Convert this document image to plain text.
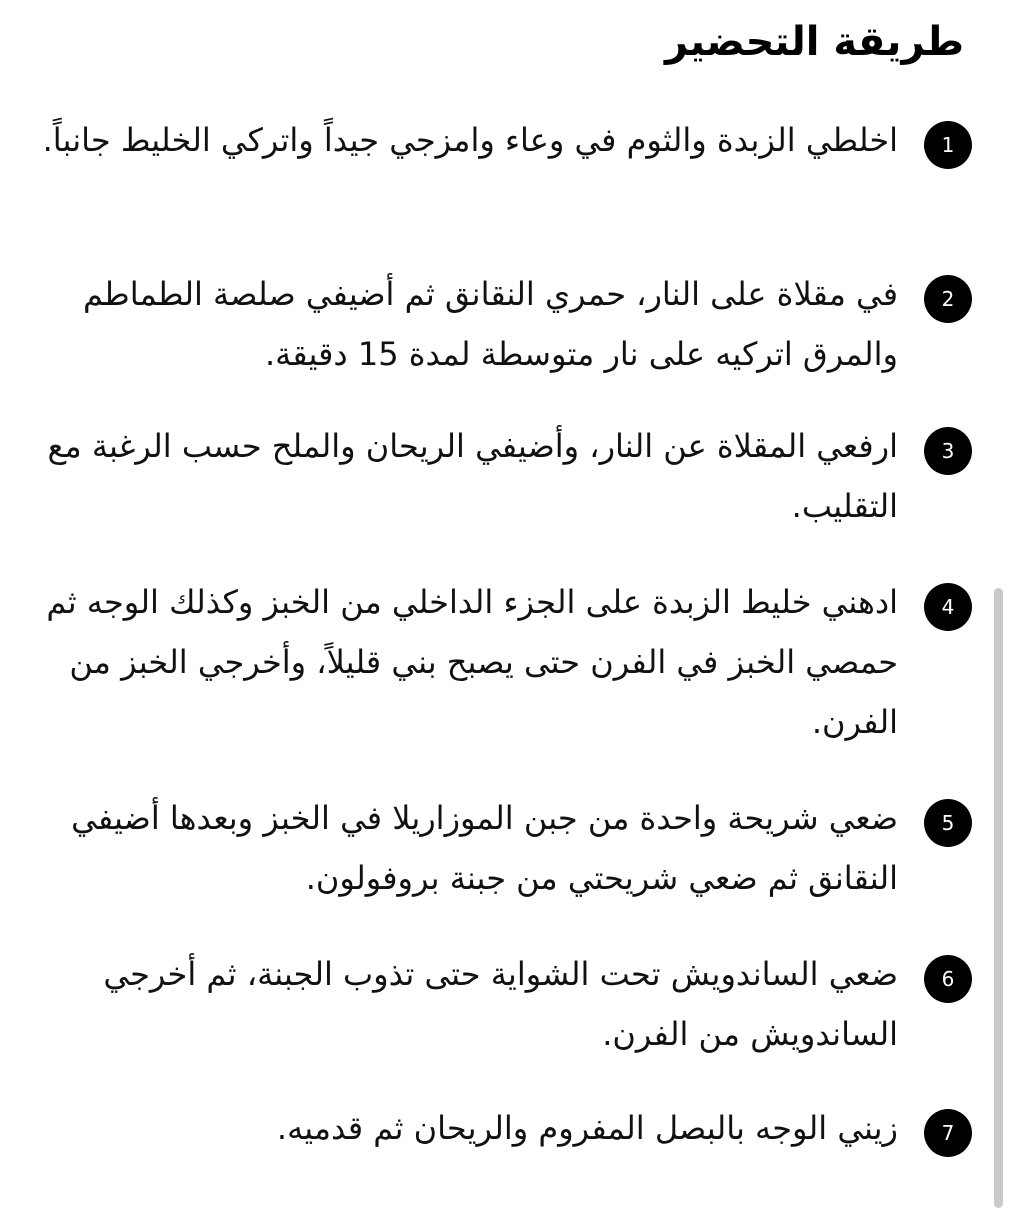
طريقة التحضير
1
اخلطي الزبدة والثوم في وعاء وامزجي جيداً واتركي الخليط جانباً.
2
في مقلاة على النار، حمري النقانق ثم أضيفي صلصة الطماطم والمرق اتركيه على نار متوسطة لمدة 15 دقيقة.
3
ارفعي المقلاة عن النار، وأضيفي الريحان والملح حسب الرغبة مع التقليب.
4
ادهني خليط الزبدة على الجزء الداخلي من الخبز وكذلك الوجه ثم حمصي الخبز في الفرن حتى يصبح بني قليلاً، وأخرجي الخبز من الفرن.
5
ضعي شريحة واحدة من جبن الموزاريلا في الخبز وبعدها أضيفي النقانق ثم ضعي شريحتي من جبنة بروفولون.
6
ضعي الساندويش تحت الشواية حتى تذوب الجبنة، ثم أخرجي الساندويش من الفرن.
7
زيني الوجه بالبصل المفروم والريحان ثم قدميه.
